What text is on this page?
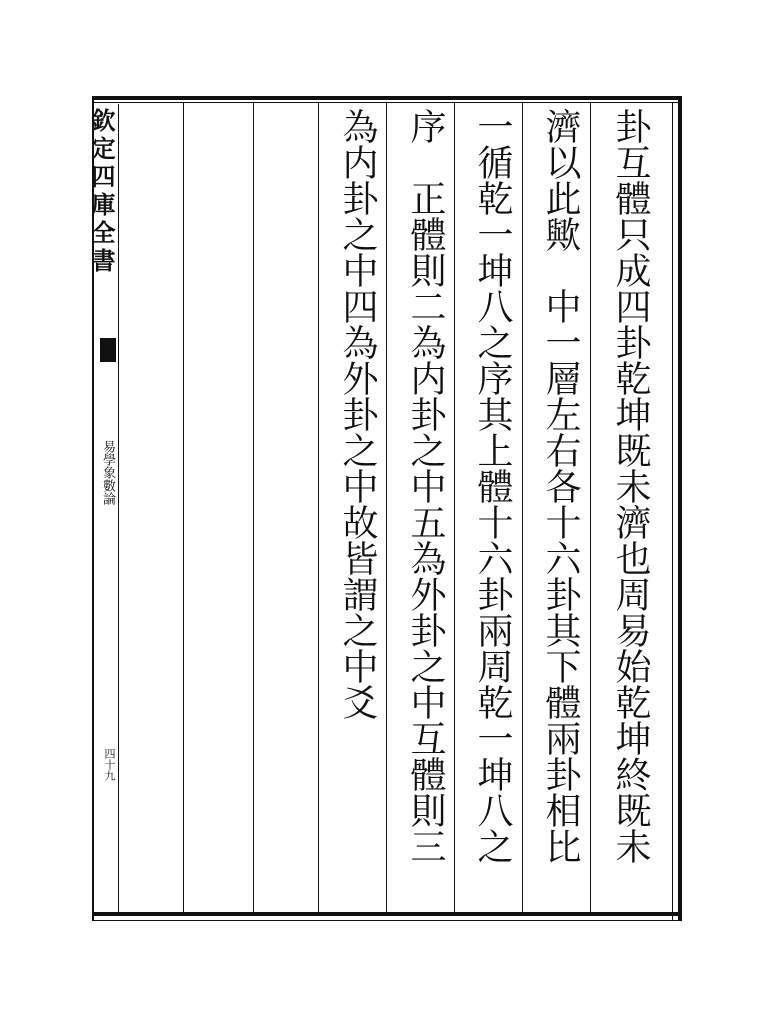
欽定四庫全書
易學象數論
四十九	卦互體只成四卦乾坤既未濟也周易始乾坤終既未
濟以此歟　中一層左右各十六卦其下體兩卦相比
一循乾一坤八之序其上體十六卦兩周乾一坤八之
序　正體則二為内卦之中五為外卦之中互體則三
為内卦之中四為外卦之中故皆謂之中爻
